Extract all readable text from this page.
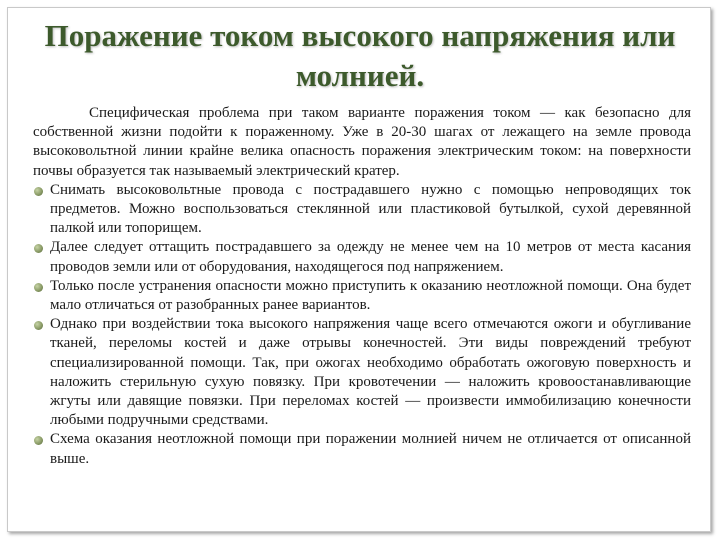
Поражение током высокого напряжения или молнией.

Специфическая проблема при таком варианте поражения током — как безопасно для собственной жизни подойти к пораженному. Уже в 20-30 шагах от лежащего на земле провода высоковольтной линии крайне велика опасность поражения электрическим током: на поверхности почвы образуется так называемый электрический кратер.

Снимать высоковольтные провода с пострадавшего нужно с помощью непроводящих ток предметов. Можно воспользоваться стеклянной или пластиковой бутылкой, сухой деревянной палкой или топорищем.
Далее следует оттащить пострадавшего за одежду не менее чем на 10 метров от места касания проводов земли или от оборудования, находящегося под напряжением.
Только после устранения опасности можно приступить к оказанию неотложной помощи. Она будет мало отличаться от разобранных ранее вариантов.
Однако при воздействии тока высокого напряжения чаще всего отмечаются ожоги и обугливание тканей, переломы костей и даже отрывы конечностей. Эти виды повреждений требуют специализированной помощи. Так, при ожогах необходимо обработать ожоговую поверхность и наложить стерильную сухую повязку. При кровотечении — наложить кровоостанавливающие жгуты или давящие повязки. При переломах костей — произвести иммобилизацию конечности любыми подручными средствами.
Схема оказания неотложной помощи при поражении молнией ничем не отличается от описанной выше.
